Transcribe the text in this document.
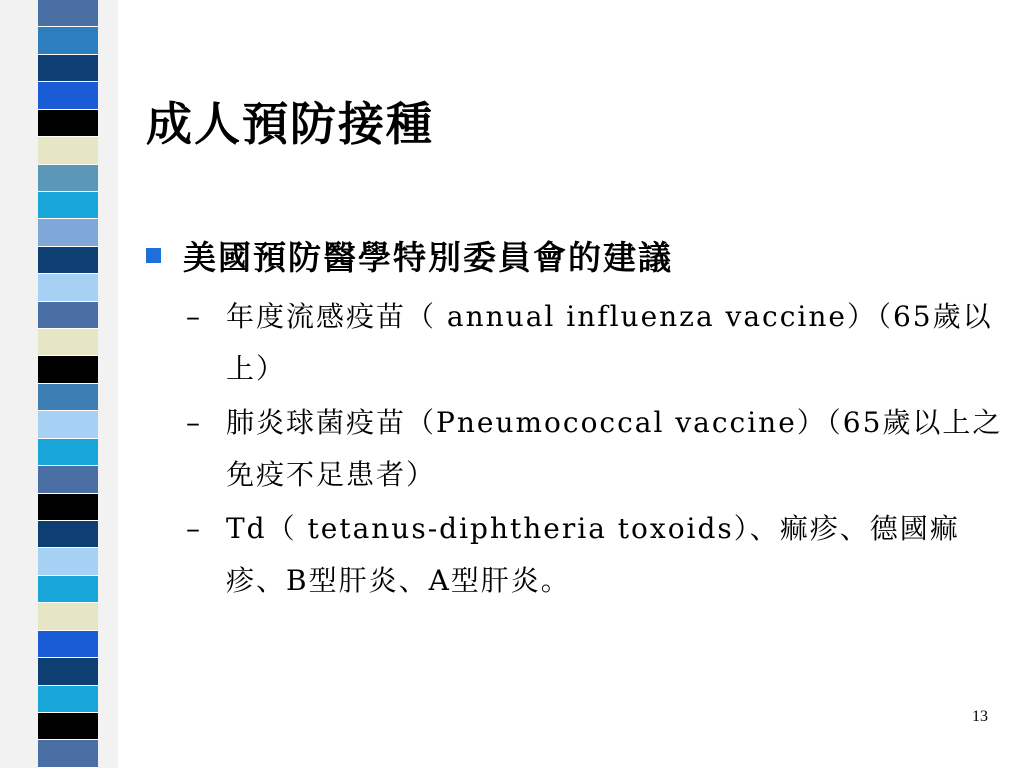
成人預防接種
美國預防醫學特別委員會的建議
– 年度流感疫苗（ annual influenza vaccine）（65歲以上）
– 肺炎球菌疫苗（Pneumococcal vaccine）（65歲以上之免疫不足患者）
– Td（ tetanus-diphtheria toxoids）、痲疹、德國痲疹、B型肝炎、A型肝炎。
13
